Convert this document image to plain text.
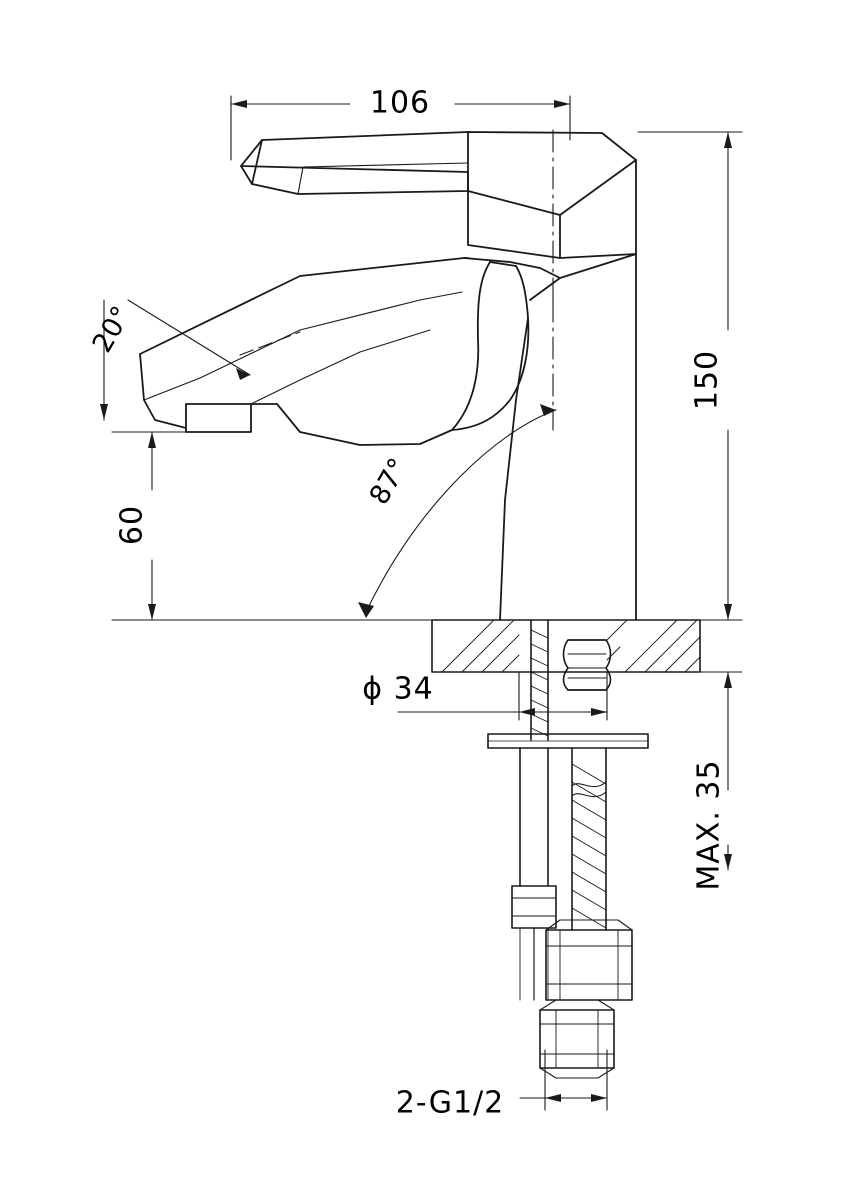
106
150
60
MAX. 35
ϕ 34
2-G1/2
20°
87°
